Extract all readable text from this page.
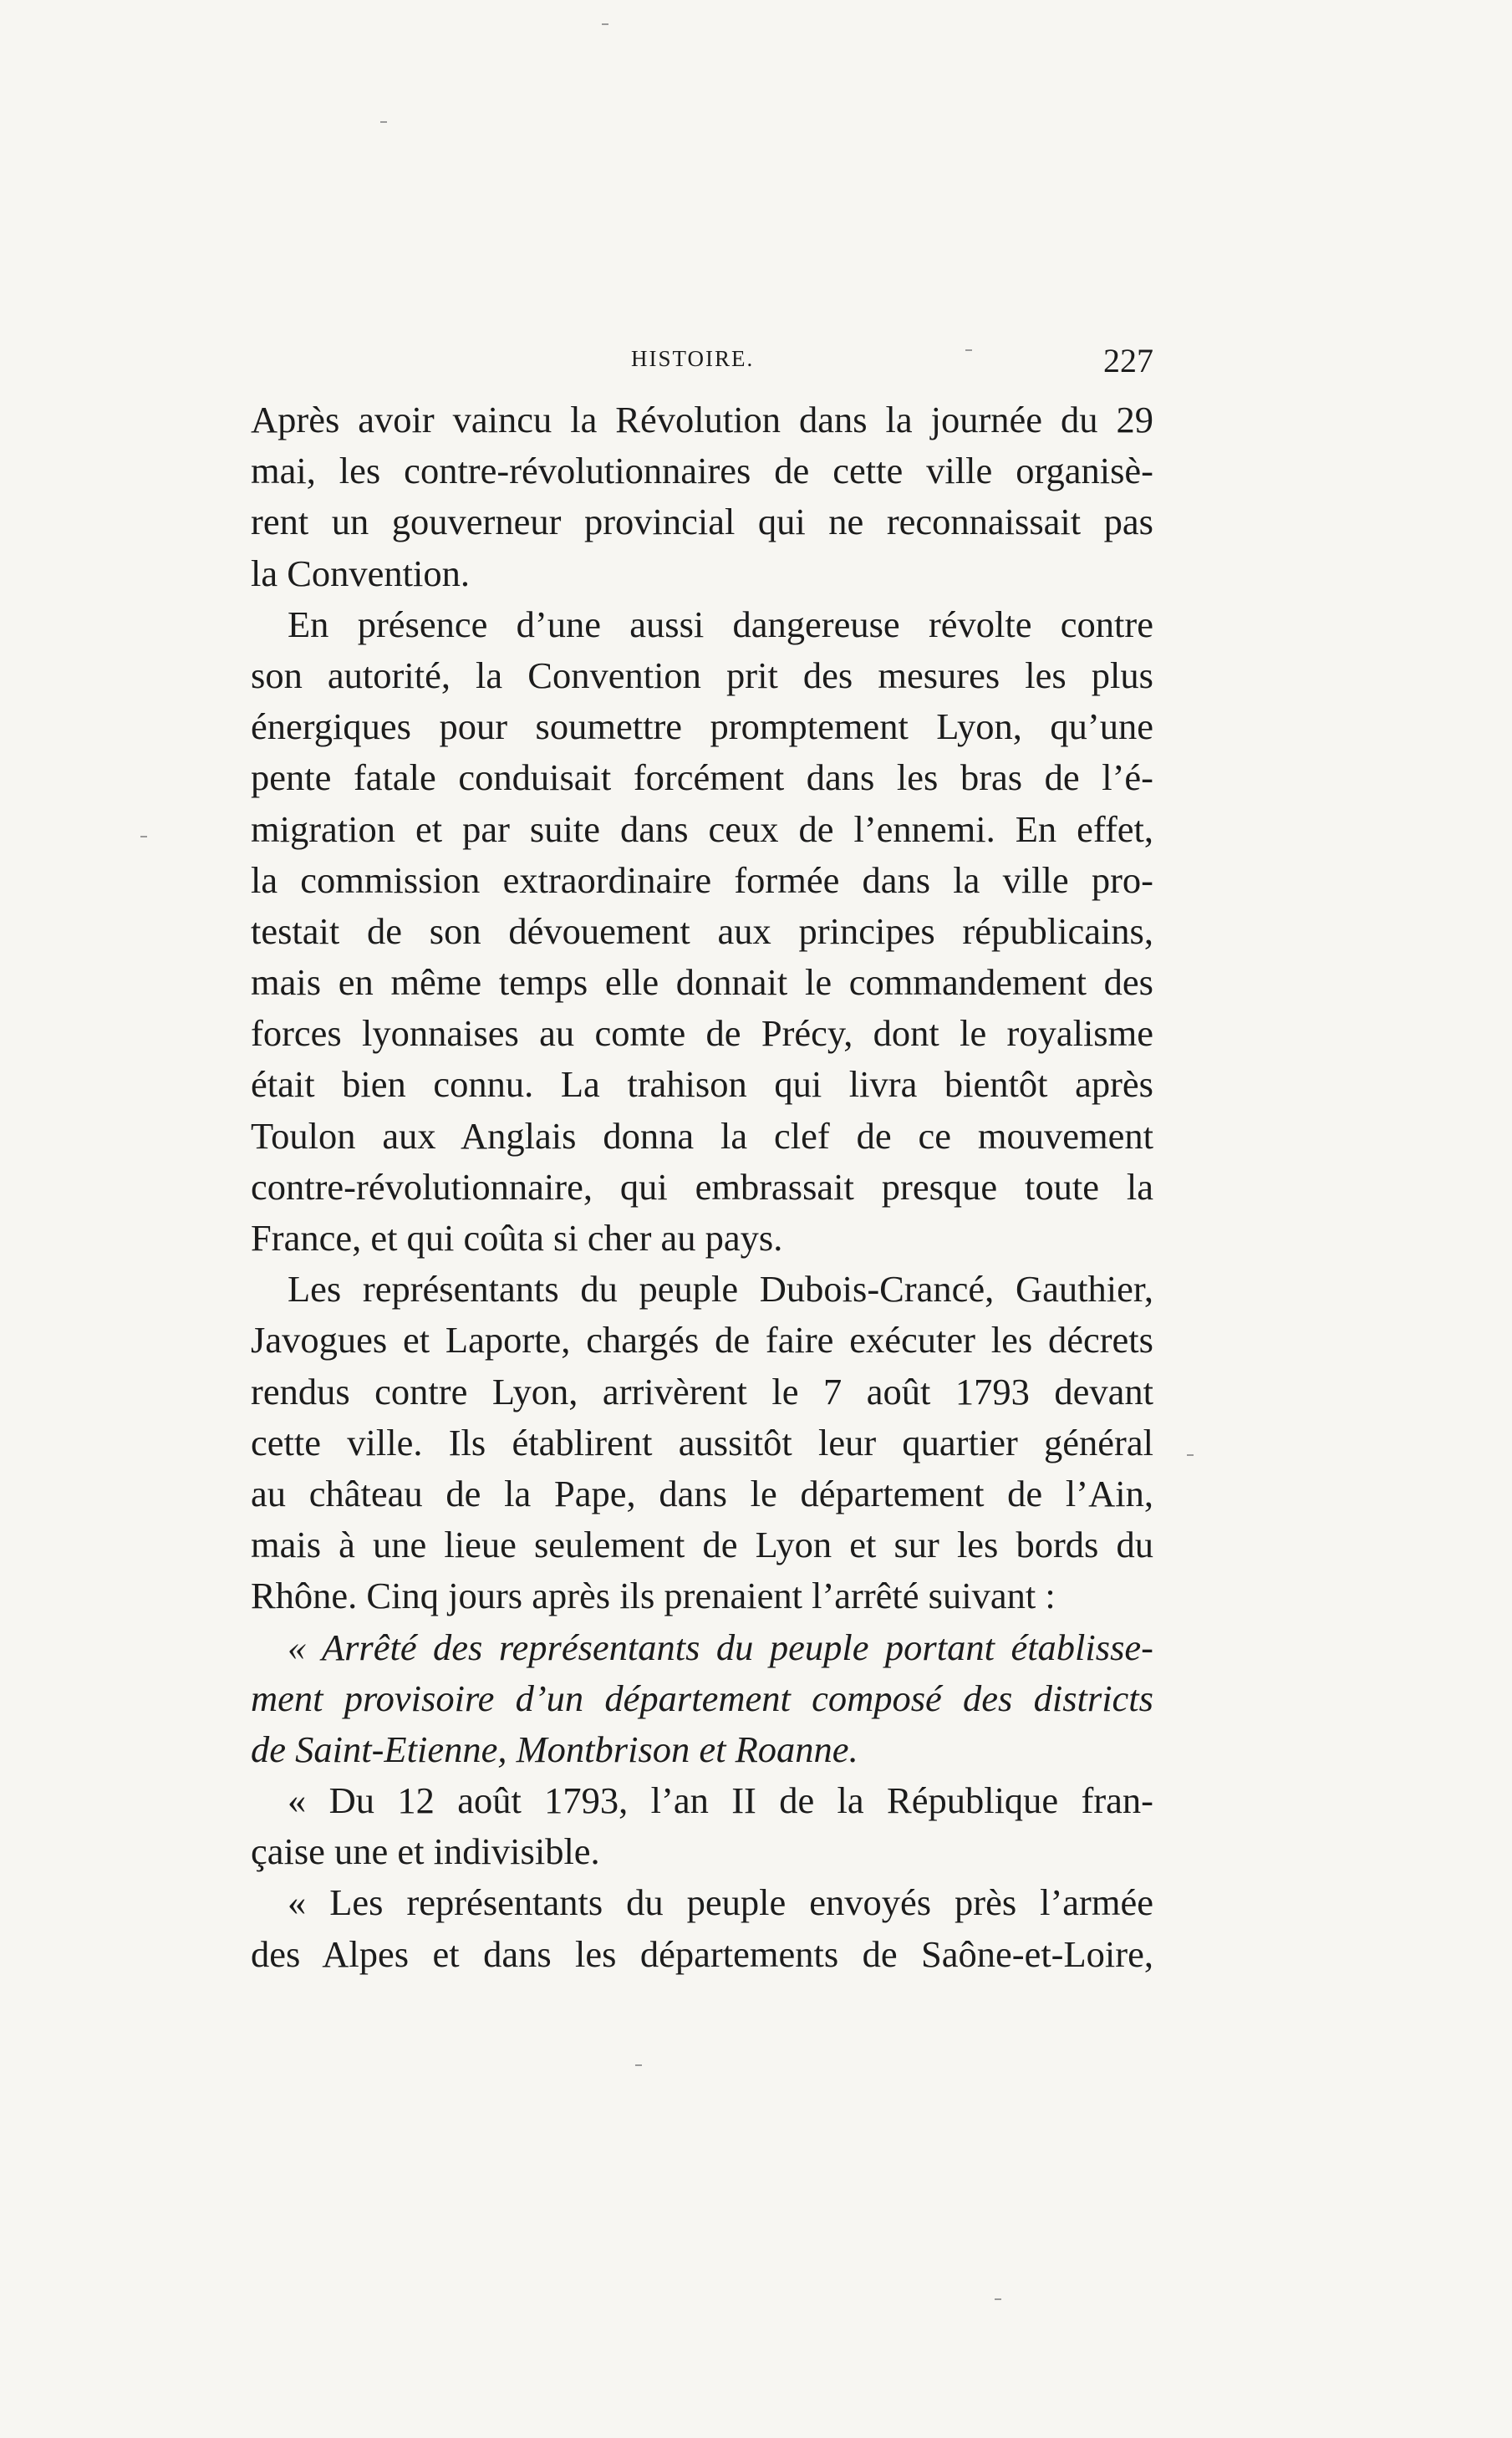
HISTOIRE.	227
Après avoir vaincu la Révolution dans la journée du 29
mai, les contre-révolutionnaires de cette ville organisè-
rent un gouverneur provincial qui ne reconnaissait pas
la Convention.
En présence d’une aussi dangereuse révolte contre
son autorité, la Convention prit des mesures les plus
énergiques pour soumettre promptement Lyon, qu’une
pente fatale conduisait forcément dans les bras de l’é-
migration et par suite dans ceux de l’ennemi. En effet,
la commission extraordinaire formée dans la ville pro-
testait de son dévouement aux principes républicains,
mais en même temps elle donnait le commandement des
forces lyonnaises au comte de Précy, dont le royalisme
était bien connu. La trahison qui livra bientôt après
Toulon aux Anglais donna la clef de ce mouvement
contre-révolutionnaire, qui embrassait presque toute la
France, et qui coûta si cher au pays.
Les représentants du peuple Dubois-Crancé, Gauthier,
Javogues et Laporte, chargés de faire exécuter les décrets
rendus contre Lyon, arrivèrent le 7 août 1793 devant
cette ville. Ils établirent aussitôt leur quartier général
au château de la Pape, dans le département de l’Ain,
mais à une lieue seulement de Lyon et sur les bords du
Rhône. Cinq jours après ils prenaient l’arrêté suivant :
« Arrêté des représentants du peuple portant établisse-
ment provisoire d’un département composé des districts
de Saint-Etienne, Montbrison et Roanne.
« Du 12 août 1793, l’an II de la République fran-
çaise une et indivisible.
« Les représentants du peuple envoyés près l’armée
des Alpes et dans les départements de Saône-et-Loire,
